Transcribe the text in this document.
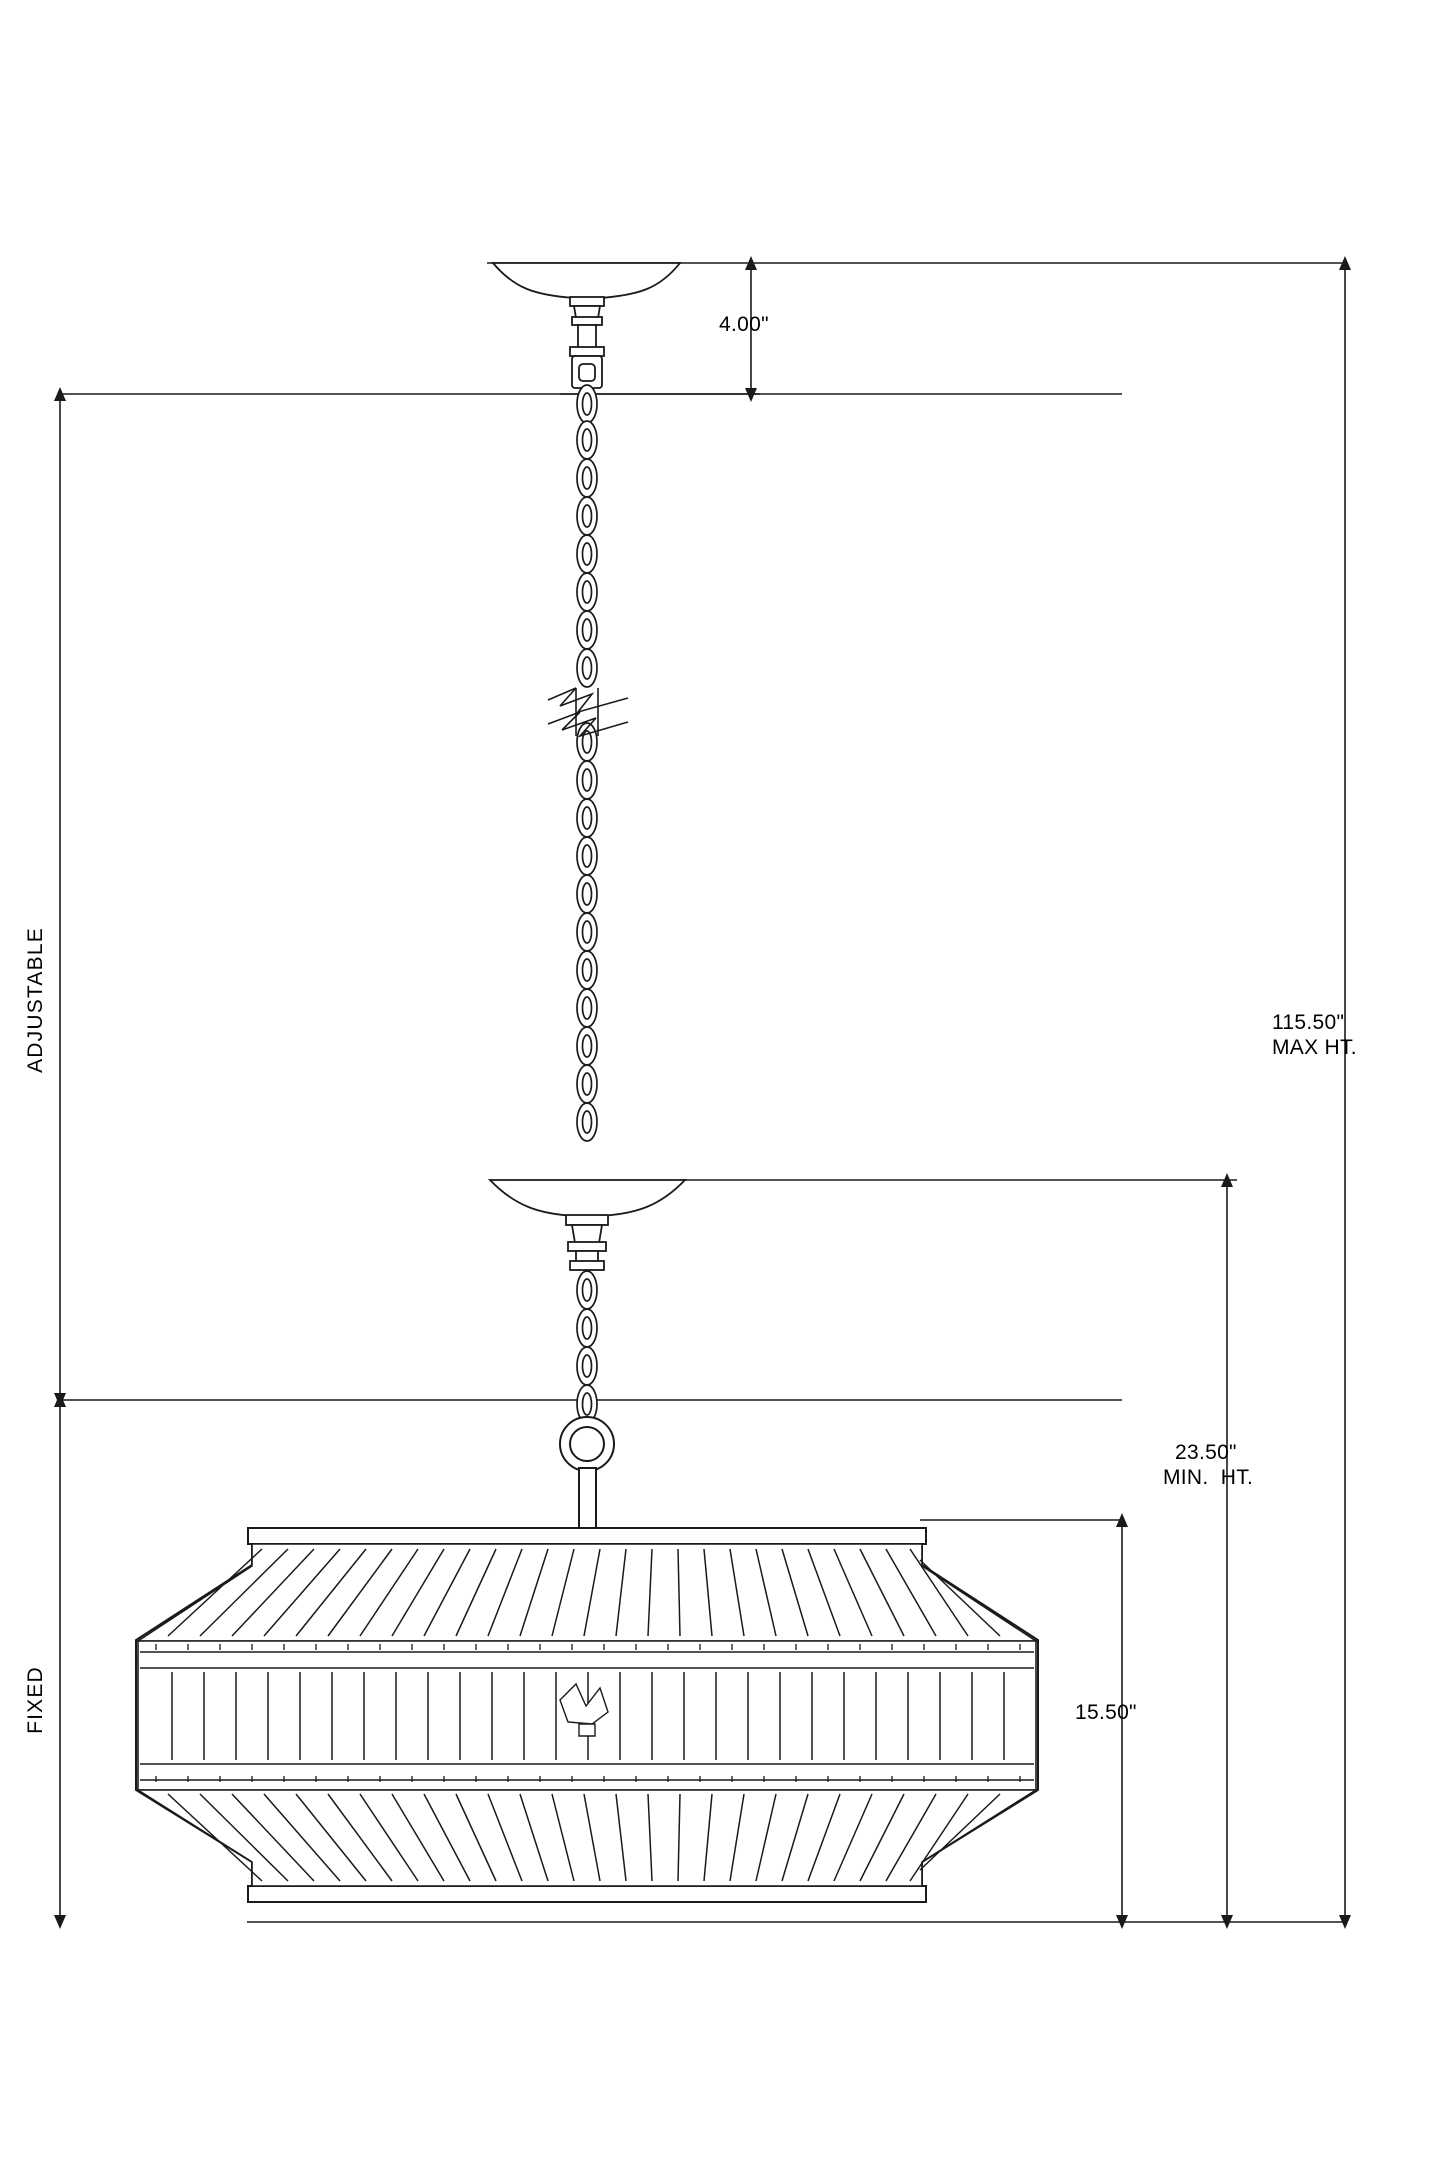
4.00"
115.50"
MAX HT.
23.50"
MIN.  HT.
15.50"
ADJUSTABLE
FIXED
